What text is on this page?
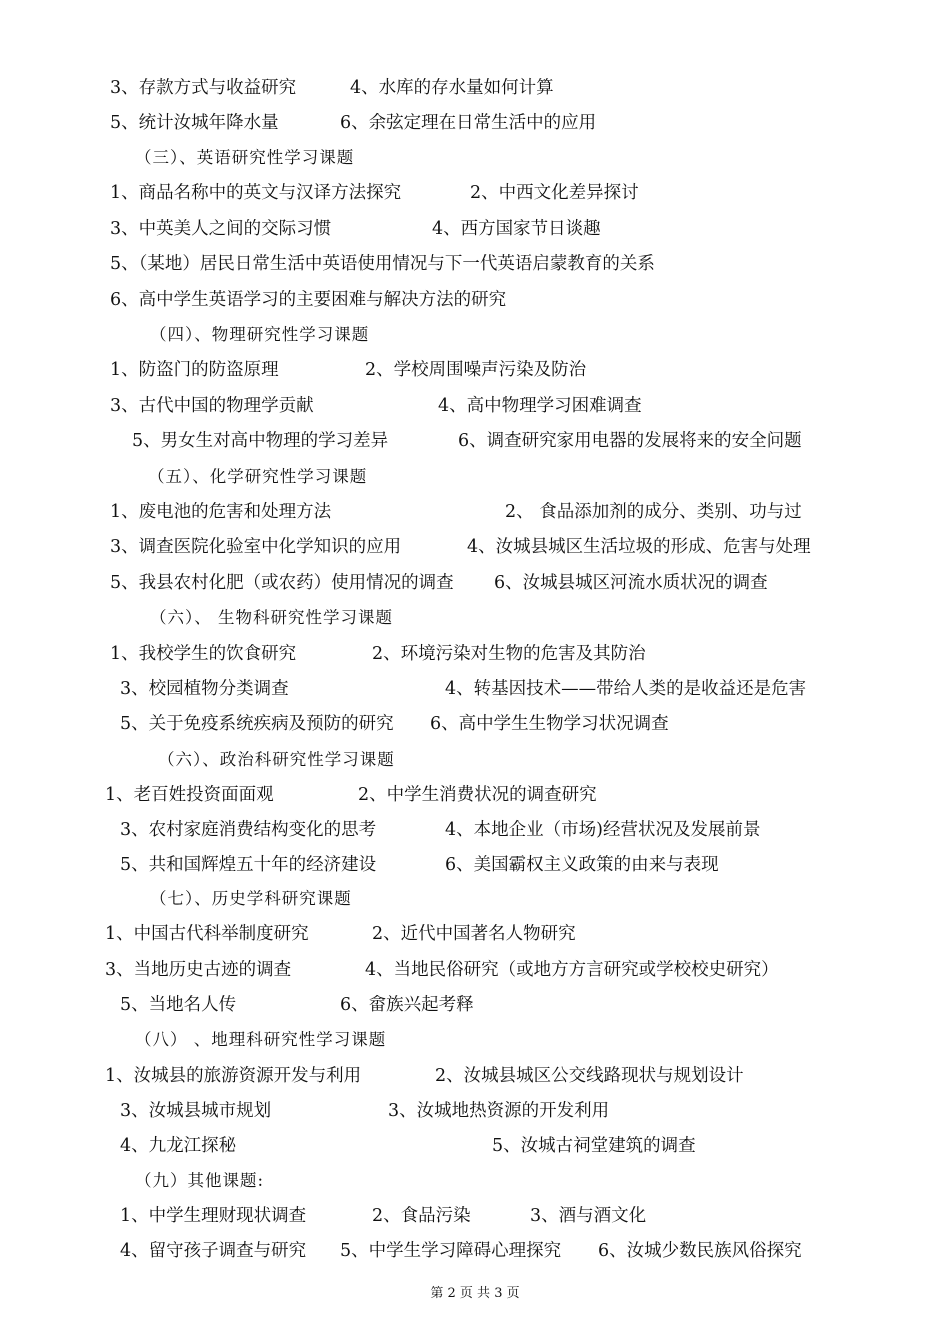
3、存款方式与收益研究	4、水库的存水量如何计算
5、统计汝城年降水量	6、余弦定理在日常生活中的应用
（三）、英语研究性学习课题
1、商品名称中的英文与汉译方法探究	2、中西文化差异探讨
3、中英美人之间的交际习惯	4、西方国家节日谈趣
5、（某地）居民日常生活中英语使用情况与下一代英语启蒙教育的关系
6、高中学生英语学习的主要困难与解决方法的研究
（四）、物理研究性学习课题
1、防盗门的防盗原理	2、学校周围噪声污染及防治
3、古代中国的物理学贡献	4、高中物理学习困难调查
5、男女生对高中物理的学习差异	6、调查研究家用电器的发展将来的安全问题
（五）、化学研究性学习课题
1、废电池的危害和处理方法	2、 食品添加剂的成分、类别、功与过
3、调查医院化验室中化学知识的应用	4、汝城县城区生活垃圾的形成、危害与处理
5、我县农村化肥（或农药）使用情况的调查 6、汝城县城区河流水质状况的调查
（六）、 生物科研究性学习课题
1、我校学生的饮食研究	2、环境污染对生物的危害及其防治
3、校园植物分类调查	4、转基因技术——带给人类的是收益还是危害
5、关于免疫系统疾病及预防的研究 6、高中学生生物学习状况调查
（六）、政治科研究性学习课题
1、老百姓投资面面观	2、中学生消费状况的调查研究
3、农村家庭消费结构变化的思考	4、本地企业（市场)经营状况及发展前景
5、共和国辉煌五十年的经济建设	6、美国霸权主义政策的由来与表现
（七）、历史学科研究课题
1、中国古代科举制度研究	2、近代中国著名人物研究
3、当地历史古迹的调查	4、当地民俗研究（或地方方言研究或学校校史研究）
5、当地名人传	6、畲族兴起考释
（八） 、地理科研究性学习课题
1、汝城县的旅游资源开发与利用	2、汝城县城区公交线路现状与规划设计
3、汝城县城市规划	3、汝城地热资源的开发利用
4、九龙江探秘	5、汝城古祠堂建筑的调查
（九）其他课题:
1、中学生理财现状调查	2、食品污染	3、酒与酒文化
4、留守孩子调查与研究 5、中学生学习障碍心理探究 6、汝城少数民族风俗探究
第 2 页 共 3 页
